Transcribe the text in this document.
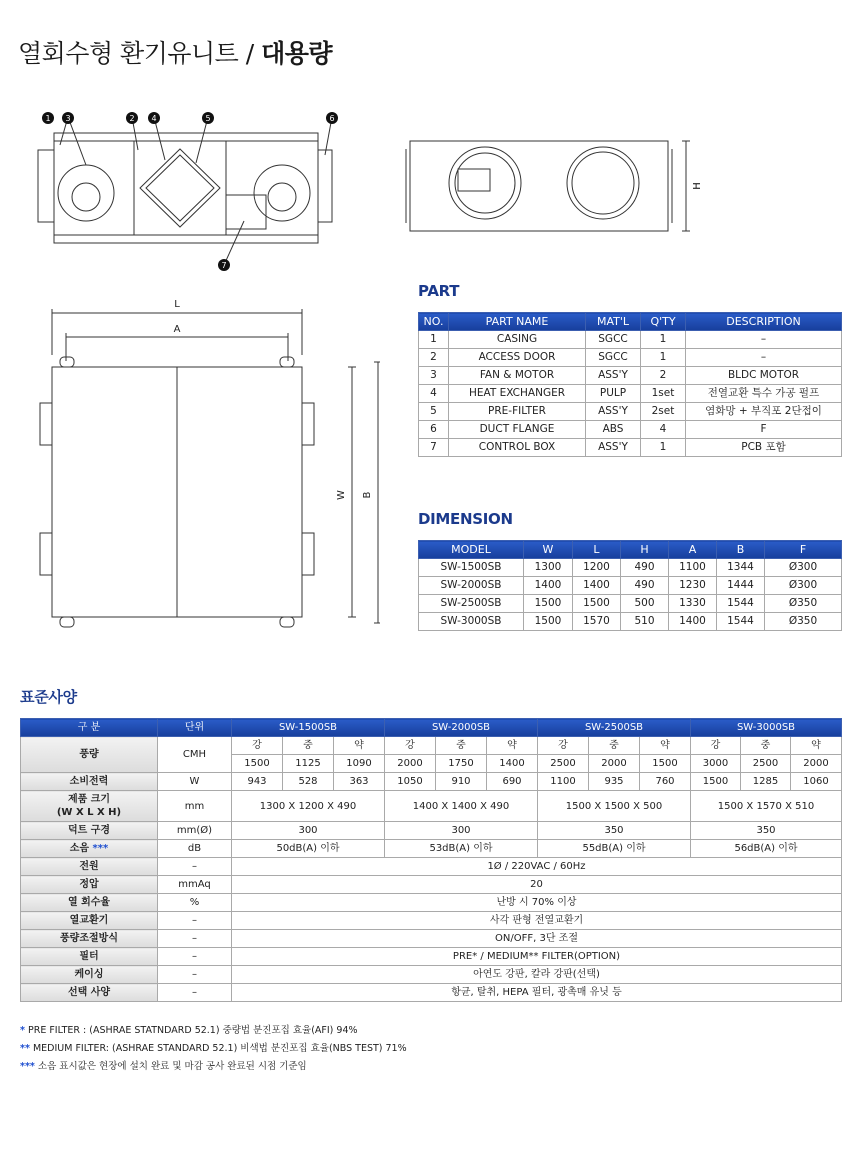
열회수형 환기유니트 / 대용량
1 3	2 4	5	6
7
H
L
A
W B
PART
NO.	PART NAME	MAT'L	Q'TY	DESCRIPTION
1	CASING	SGCC	1	–
2	ACCESS DOOR	SGCC	1	–
3	FAN & MOTOR	ASS'Y	2	BLDC MOTOR
4	HEAT EXCHANGER	PULP	1set	전열교환 특수 가공 펄프
5	PRE-FILTER	ASS'Y	2set	염화망 + 부직포 2단접이
6	DUCT FLANGE	ABS	4	F
7	CONTROL BOX	ASS'Y	1	PCB 포함
DIMENSION
MODEL	W	L	H	A	B	F
SW-1500SB	1300	1200	490	1100	1344	Ø300
SW-2000SB	1400	1400	490	1230	1444	Ø300
SW-2500SB	1500	1500	500	1330	1544	Ø350
SW-3000SB	1500	1570	510	1400	1544	Ø350
표준사양
구 분	단위	SW-1500SB			SW-2000SB			SW-2500SB			SW-3000SB		
풍량	CMH	강	중	약	강	중	약	강	중	약	강	중	약
		1500	1125	1090	2000	1750	1400	2500	2000	1500	3000	2500	2000
소비전력	W	943	528	363	1050	910	690	1100	935	760	1500	1285	1060
제품 크기
(W X L X H)	mm	1300 X 1200 X 490			1400 X 1400 X 490			1500 X 1500 X 500			1500 X 1570 X 510		
덕트 구경	mm(Ø)	300			300			350			350		
소음 ***	dB	50dB(A) 이하			53dB(A) 이하			55dB(A) 이하			56dB(A) 이하		
전원	–	1Ø / 220VAC / 60Hz											
정압	mmAq	20											
열 회수율	%	난방 시 70% 이상											
열교환기	–	사각 판형 전열교환기											
풍량조절방식	–	ON/OFF, 3단 조절											
필터	–	PRE* / MEDIUM** FILTER(OPTION)											
케이싱	–	아연도 강판, 칼라 강판(선택)											
선택 사양	–	항균, 탈취, HEPA 필터, 광촉매 유닛 등											
* PRE FILTER : (ASHRAE STATNDARD 52.1) 중량법 분진포집 효율(AFI) 94%
** MEDIUM FILTER: (ASHRAE STANDARD 52.1) 비색법 분진포집 효율(NBS TEST) 71%
*** 소음 표시값은 현장에 설치 완료 및 마감 공사 완료된 시점 기준임
